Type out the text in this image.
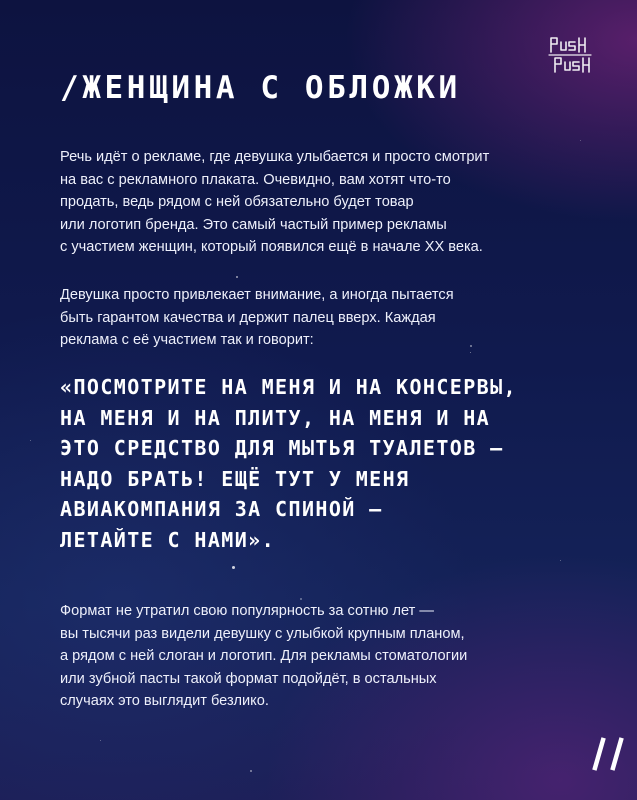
/ЖЕНЩИНА С ОБЛОЖКИ

Речь идёт о рекламе, где девушка улыбается и просто смотрит
на вас с рекламного плаката. Очевидно, вам хотят что-то
продать, ведь рядом с ней обязательно будет товар
или логотип бренда. Это самый частый пример рекламы
с участием женщин, который появился ещё в начале XX века.

Девушка просто привлекает внимание, а иногда пытается
быть гарантом качества и держит палец вверх. Каждая
реклама с её участием так и говорит:

«ПОСМОТРИТЕ НА МЕНЯ И НА КОНСЕРВЫ,
НА МЕНЯ И НА ПЛИТУ, НА МЕНЯ И НА
ЭТО СРЕДСТВО ДЛЯ МЫТЬЯ ТУАЛЕТОВ –
НАДО БРАТЬ! ЕЩЁ ТУТ У МЕНЯ
АВИАКОМПАНИЯ ЗА СПИНОЙ –
ЛЕТАЙТЕ С НАМИ».

Формат не утратил свою популярность за сотню лет —
вы тысячи раз видели девушку с улыбкой крупным планом,
а рядом с ней слоган и логотип. Для рекламы стоматологии
или зубной пасты такой формат подойдёт, в остальных
случаях это выглядит безлико.
